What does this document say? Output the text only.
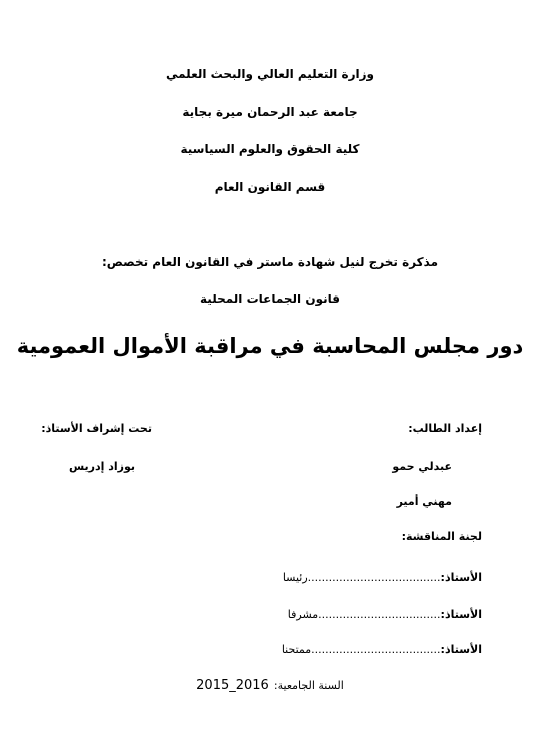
وزارة التعليم العالي والبحث العلمي
جامعة عبد الرحمان ميرة بجاية
كلية الحقوق والعلوم السياسية
قسم القانون العام
مذكرة تخرج لنيل شهادة ماستر في القانون العام تخصص:
قانون الجماعات المحلية
دور مجلس المحاسبة في مراقبة الأموال العمومية
إعداد الطالب:
تحت إشراف الأستاذ:
عبدلي حمو
بوزاد إدريس
مهني أمير
لجنة المناقشة:
الأستاذ:......................................رئيسا
الأستاذ:...................................مشرفا
الأستاذ:.....................................ممتحنا
السنة الجامعية: 2015_2016
